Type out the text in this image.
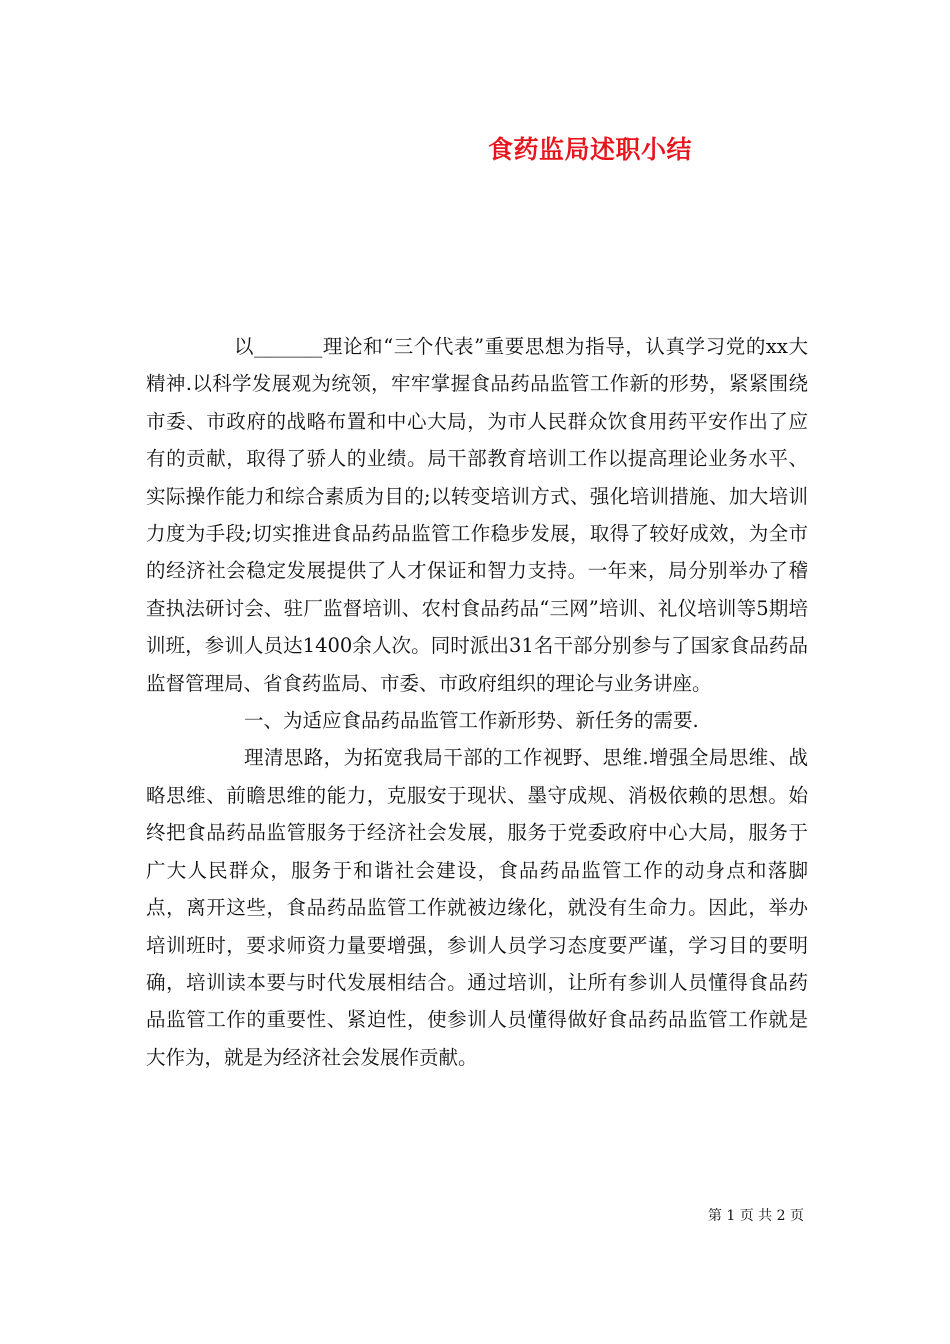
食药监局述职小结

以_______理论和“三个代表”重要思想为指导，认真学习党的xx大精神.以科学发展观为统领，牢牢掌握食品药品监管工作新的形势，紧紧围绕市委、市政府的战略布置和中心大局，为市人民群众饮食用药平安作出了应有的贡献，取得了骄人的业绩。局干部教育培训工作以提高理论业务水平、实际操作能力和综合素质为目的;以转变培训方式、强化培训措施、加大培训力度为手段;切实推进食品药品监管工作稳步发展，取得了较好成效，为全市的经济社会稳定发展提供了人才保证和智力支持。一年来，局分别举办了稽查执法研讨会、驻厂监督培训、农村食品药品“三网”培训、礼仪培训等5期培训班，参训人员达1400余人次。同时派出31名干部分别参与了国家食品药品监督管理局、省食药监局、市委、市政府组织的理论与业务讲座。

一、为适应食品药品监管工作新形势、新任务的需要.

理清思路，为拓宽我局干部的工作视野、思维.增强全局思维、战略思维、前瞻思维的能力，克服安于现状、墨守成规、消极依赖的思想。始终把食品药品监管服务于经济社会发展，服务于党委政府中心大局，服务于广大人民群众，服务于和谐社会建设，食品药品监管工作的动身点和落脚点，离开这些，食品药品监管工作就被边缘化，就没有生命力。因此，举办培训班时，要求师资力量要增强，参训人员学习态度要严谨，学习目的要明确，培训读本要与时代发展相结合。通过培训，让所有参训人员懂得食品药品监管工作的重要性、紧迫性，使参训人员懂得做好食品药品监管工作就是大作为，就是为经济社会发展作贡献。

第 1 页 共 2 页
